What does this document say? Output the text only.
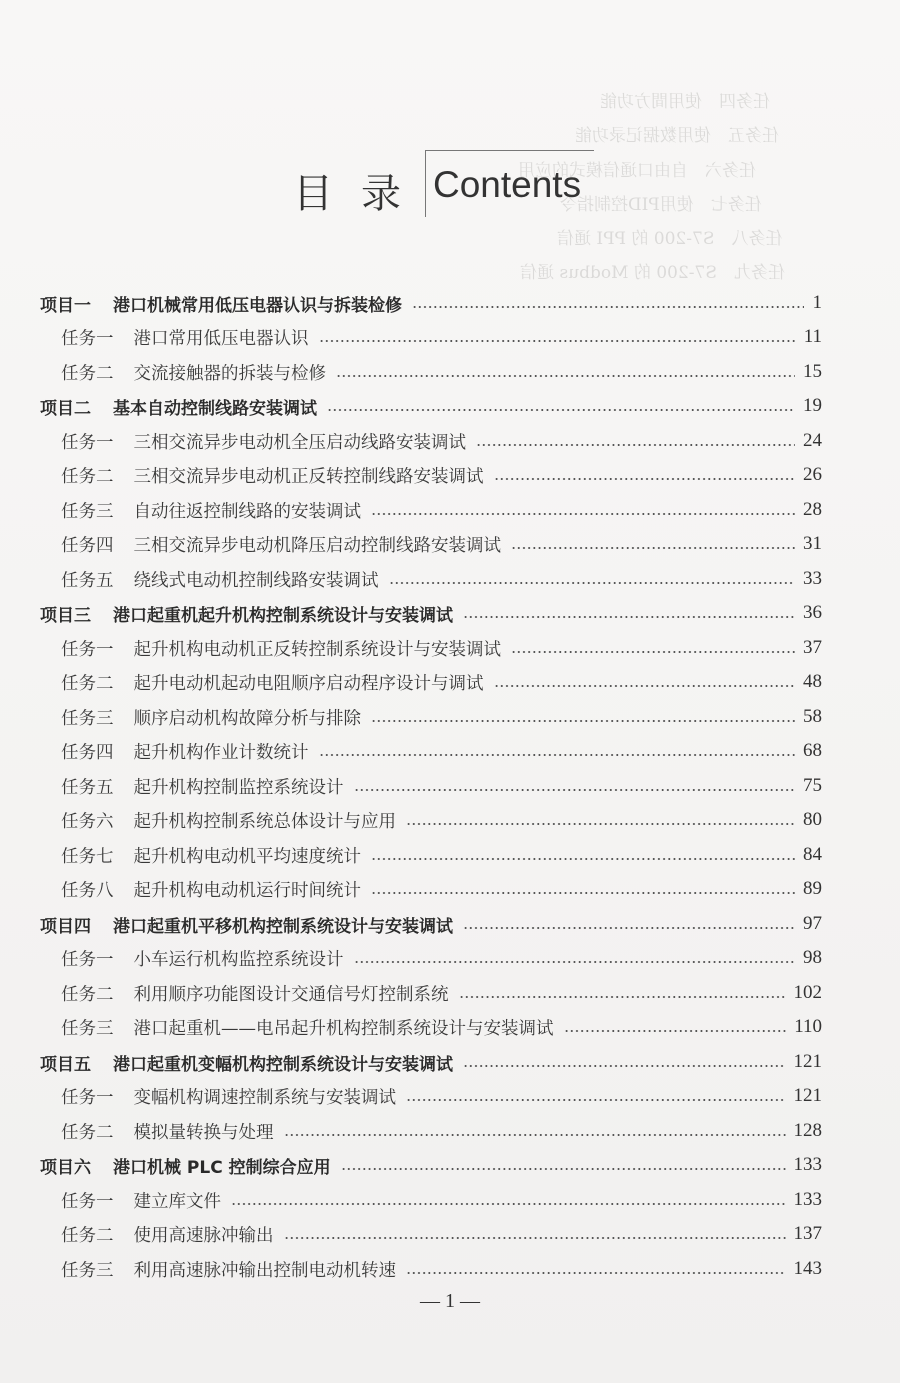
任务四　使用間方功能
任务五　使用数据记录功能
任务六　自由口通信模式的应用
任务七　使用PID控制指令
任务八　S7-200 的 PPI 通信
任务九　S7-200 的 Modbus 通信
目录 Contents
项目一 港口机械常用低压电器认识与拆装检修	1
任务一 港口常用低压电器认识	11
任务二 交流接触器的拆装与检修	15
项目二 基本自动控制线路安装调试	19
任务一 三相交流异步电动机全压启动线路安装调试	24
任务二 三相交流异步电动机正反转控制线路安装调试	26
任务三 自动往返控制线路的安装调试	28
任务四 三相交流异步电动机降压启动控制线路安装调试	31
任务五 绕线式电动机控制线路安装调试	33
项目三 港口起重机起升机构控制系统设计与安装调试	36
任务一 起升机构电动机正反转控制系统设计与安装调试	37
任务二 起升电动机起动电阻顺序启动程序设计与调试	48
任务三 顺序启动机构故障分析与排除	58
任务四 起升机构作业计数统计	68
任务五 起升机构控制监控系统设计	75
任务六 起升机构控制系统总体设计与应用	80
任务七 起升机构电动机平均速度统计	84
任务八 起升机构电动机运行时间统计	89
项目四 港口起重机平移机构控制系统设计与安装调试	97
任务一 小车运行机构监控系统设计	98
任务二 利用顺序功能图设计交通信号灯控制系统	102
任务三 港口起重机——电吊起升机构控制系统设计与安装调试	110
项目五 港口起重机变幅机构控制系统设计与安装调试	121
任务一 变幅机构调速控制系统与安装调试	121
任务二 模拟量转换与处理	128
项目六 港口机械 PLC 控制综合应用	133
任务一 建立库文件	133
任务二 使用高速脉冲输出	137
任务三 利用高速脉冲输出控制电动机转速	143
— 1 —
